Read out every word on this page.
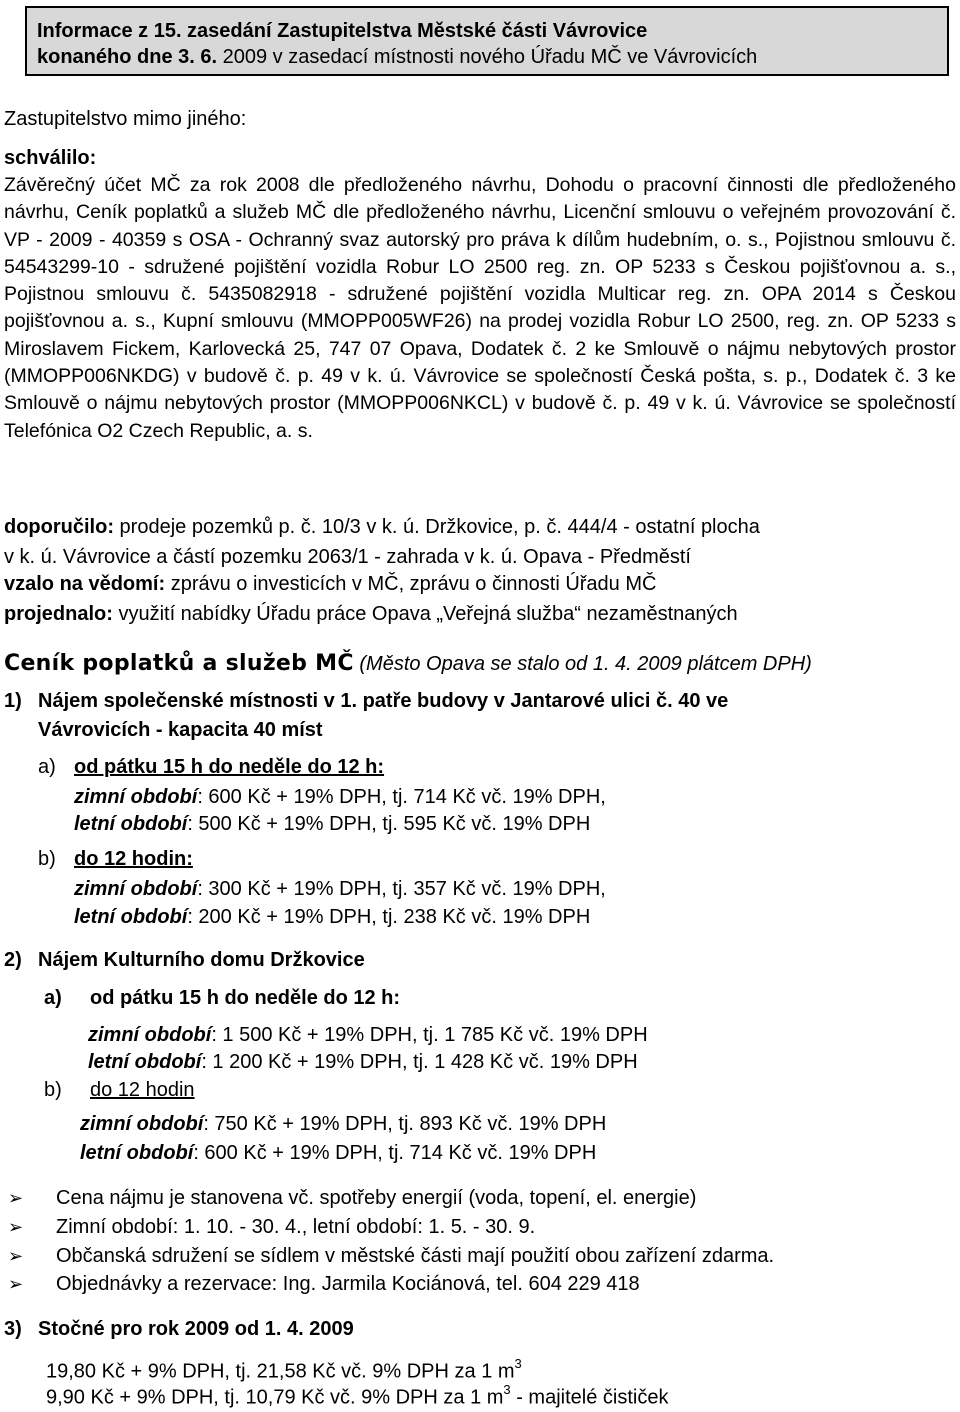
Informace z 15. zasedání Zastupitelstva Městské části Vávrovice
konaného dne 3. 6. 2009 v zasedací místnosti nového Úřadu MČ ve Vávrovicích
Zastupitelstvo mimo jiného:
schválilo:
Závěrečný účet MČ za rok 2008 dle předloženého návrhu, Dohodu o pracovní činnosti dle předloženého návrhu, Ceník poplatků a služeb MČ dle předloženého návrhu, Licenční smlouvu o veřejném provozování č. VP - 2009 - 40359 s OSA - Ochranný svaz autorský pro práva k dílům hudebním, o. s., Pojistnou smlouvu č. 54543299-10 - sdružené pojištění vozidla Robur LO 2500 reg. zn. OP 5233 s Českou pojišťovnou a. s., Pojistnou smlouvu č. 5435082918 - sdružené pojištění vozidla Multicar reg. zn. OPA 2014 s Českou pojišťovnou a. s., Kupní smlouvu (MMOPP005WF26) na prodej vozidla Robur LO 2500, reg. zn. OP 5233 s Miroslavem Fickem, Karlovecká 25, 747 07 Opava, Dodatek č. 2 ke Smlouvě o nájmu nebytových prostor (MMOPP006NKDG) v budově č. p. 49 v k. ú. Vávrovice se společností Česká pošta, s. p., Dodatek č. 3 ke Smlouvě o nájmu nebytových prostor (MMOPP006NKCL) v budově č. p. 49 v k. ú. Vávrovice se společností Telefónica O2 Czech Republic, a. s.
doporučilo: prodeje pozemků p. č. 10/3 v k. ú. Držkovice, p. č. 444/4 - ostatní plocha
v k. ú. Vávrovice a částí pozemku 2063/1 - zahrada v k. ú. Opava - Předměstí
vzalo na vědomí: zprávu o investicích v MČ, zprávu o činnosti Úřadu MČ
projednalo: využití nabídky Úřadu práce Opava „Veřejná služba“ nezaměstnaných
Ceník poplatků a služeb MČ (Město Opava se stalo od 1. 4. 2009 plátcem DPH)
1) Nájem společenské místnosti v 1. patře budovy v Jantarové ulici č. 40 ve
Vávrovicích - kapacita 40 míst
a) od pátku 15 h do neděle do 12 h:
zimní období: 600 Kč + 19% DPH, tj. 714 Kč vč. 19% DPH,
letní období: 500 Kč + 19% DPH, tj. 595 Kč vč. 19% DPH
b) do 12 hodin:
zimní období: 300 Kč + 19% DPH, tj. 357 Kč vč. 19% DPH,
letní období: 200 Kč + 19% DPH, tj. 238 Kč vč. 19% DPH
2) Nájem Kulturního domu Držkovice
a) od pátku 15 h do neděle do 12 h:
zimní období: 1 500 Kč + 19% DPH, tj. 1 785 Kč vč. 19% DPH
letní období: 1 200 Kč + 19% DPH, tj. 1 428 Kč vč. 19% DPH
b) do 12 hodin
zimní období: 750 Kč + 19% DPH, tj. 893 Kč vč. 19% DPH
letní období: 600 Kč + 19% DPH, tj. 714 Kč vč. 19% DPH
➢ Cena nájmu je stanovena vč. spotřeby energií (voda, topení, el. energie)
➢ Zimní období: 1. 10. - 30. 4., letní období: 1. 5. - 30. 9.
➢ Občanská sdružení se sídlem v městské části mají použití obou zařízení zdarma.
➢ Objednávky a rezervace: Ing. Jarmila Kociánová, tel. 604 229 418
3) Stočné pro rok 2009 od 1. 4. 2009
19,80 Kč + 9% DPH, tj. 21,58 Kč vč. 9% DPH za 1 $m^3$
9,90 Kč + 9% DPH, tj. 10,79 Kč vč. 9% DPH za 1 $m^3$ - majitelé čističek
